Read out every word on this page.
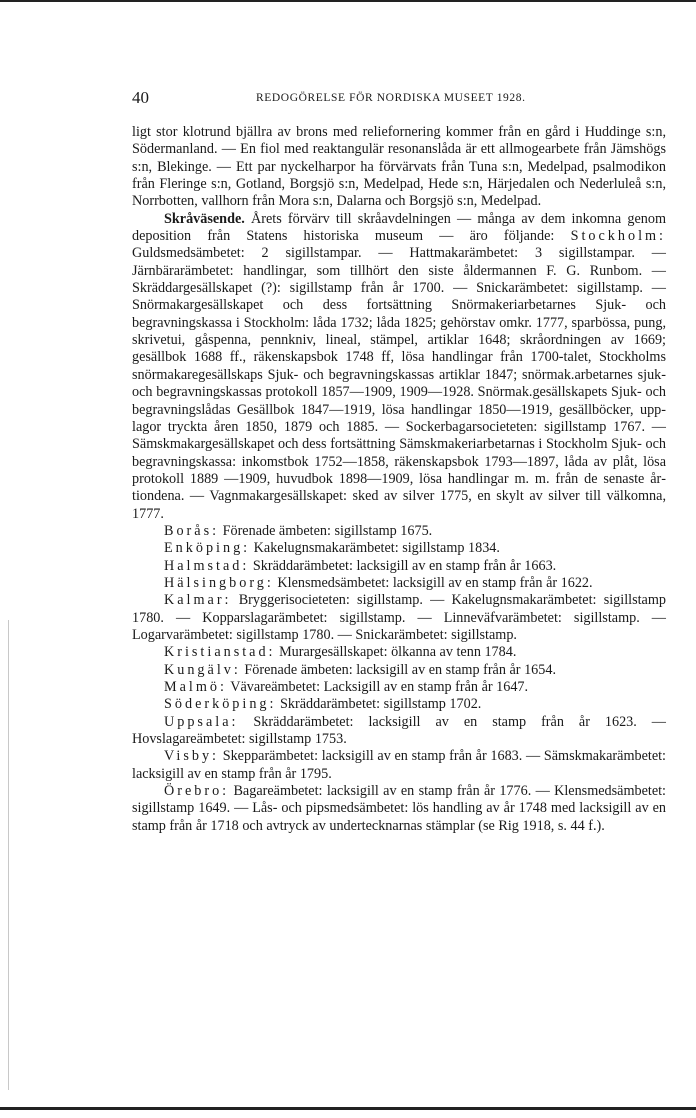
40	REDOGÖRELSE FÖR NORDISKA MUSEET 1928.

ligt stor klotrund bjällra av brons med reliefornering kommer från en gård i Huddinge s:n, Södermanland. — En fiol med reaktangulär resonanslåda är ett allmogearbete från Jämshögs s:n, Blekinge. — Ett par nyckelharpor ha förvärvats från Tuna s:n, Medelpad, psalmodikon från Fleringe s:n, Gotland, Borgsjö s:n, Medelpad, Hede s:n, Härjedalen och Nederluleå s:n, Norrbotten, vallhorn från Mora s:n, Dalarna och Borgsjö s:n, Medelpad.

Skråväsende. Årets förvärv till skråavdelningen — många av dem inkomna genom deposition från Statens historiska museum — äro följande: Stockholm: Guldsmedsämbetet: 2 sigillstampar. — Hattmakarämbetet: 3 sigillstampar. — Järnbärarämbetet: handlingar, som tillhört den siste åldermannen F. G. Runbom. — Skräddargesällskapet (?): sigillstamp från år 1700. — Snickarämbetet: sigillstamp. — Snörmakargesällskapet och dess fortsättning Snörmakeriarbetarnes Sjuk- och begravningskassa i Stockholm: låda 1732; låda 1825; gehörstav omkr. 1777, sparbössa, pung, skrivetui, gåspenna, pennkniv, lineal, stämpel, artiklar 1648; skråordningen av 1669; gesällbok 1688 ff., räkenskapsbok 1748 ff, lösa handlingar från 1700-talet, Stockholms snörmakaregesällskaps Sjuk- och begravningskassas artiklar 1847; snörmak.arbetarnes sjuk- och begravningskassas protokoll 1857—1909, 1909—1928. Snörmak.gesällskapets Sjuk- och begravningslådas Gesällbok 1847—1919, lösa handlingar 1850—1919, gesällböcker, upplagor tryckta åren 1850, 1879 och 1885. — Sockerbagarsocieteten: sigillstamp 1767. — Sämskmakargesällskapet och dess fortsättning Sämskmakeriarbetarnas i Stockholm Sjuk- och begravningskassa: inkomstbok 1752—1858, räkenskapsbok 1793—1897, låda av plåt, lösa protokoll 1889 —1909, huvudbok 1898—1909, lösa handlingar m. m. från de senaste årtiondena. — Vagnmakargesällskapet: sked av silver 1775, en skylt av silver till välkomna, 1777.

Borås: Förenade ämbeten: sigillstamp 1675.

Enköping: Kakelugnsmakarämbetet: sigillstamp 1834.

Halmstad: Skräddarämbetet: lacksigill av en stamp från år 1663.

Hälsingborg: Klensmedsämbetet: lacksigill av en stamp från år 1622.

Kalmar: Bryggerisocieteten: sigillstamp. — Kakelugnsmakarämbetet: sigillstamp 1780. — Kopparslagarämbetet: sigillstamp. — Linneväfvarämbetet: sigillstamp. — Logarvarämbetet: sigillstamp 1780. — Snickarämbetet: sigillstamp.

Kristianstad: Murargesällskapet: ölkanna av tenn 1784.

Kungälv: Förenade ämbeten: lacksigill av en stamp från år 1654.

Malmö: Vävareämbetet: Lacksigill av en stamp från år 1647.

Söderköping: Skräddarämbetet: sigillstamp 1702.

Uppsala: Skräddarämbetet: lacksigill av en stamp från år 1623. — Hovslagareämbetet: sigillstamp 1753.

Visby: Skepparämbetet: lacksigill av en stamp från år 1683. — Sämskmakarämbetet: lacksigill av en stamp från år 1795.

Örebro: Bagareämbetet: lacksigill av en stamp från år 1776. — Klensmedsämbetet: sigillstamp 1649. — Lås- och pipsmedsämbetet: lös handling av år 1748 med lacksigill av en stamp från år 1718 och avtryck av undertecknarnas stämplar (se Rig 1918, s. 44 f.).
